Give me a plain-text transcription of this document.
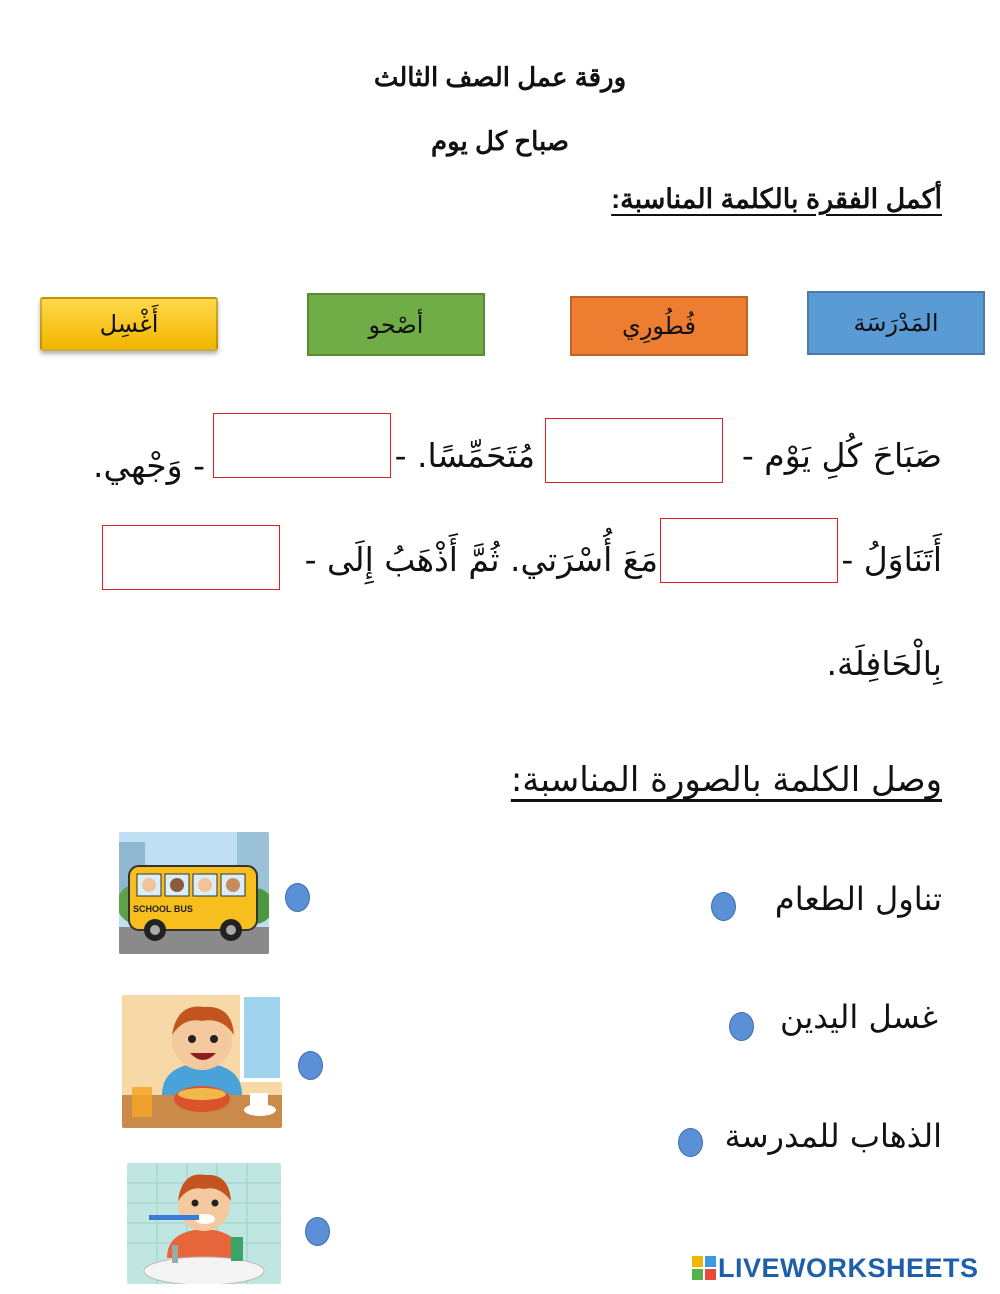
ورقة عمل الصف الثالث
صباح كل يوم
أكمل الفقرة بالكلمة المناسبة:
المَدْرَسَة
فُطُورِي
أصْحو
أَغْسِل
صَبَاحَ كُلِ يَوْم -
مُتَحَمِّسًا. -
- وَجْهي.
أَتَنَاوَلُ -
مَعَ أُسْرَتي. ثُمَّ أَذْهَبُ إِلَى -
بِالْحَافِلَة.
وصل الكلمة بالصورة المناسبة:
تناول الطعام
غسل اليدين
الذهاب للمدرسة
SCHOOL BUS
LIVEWORKSHEETS
